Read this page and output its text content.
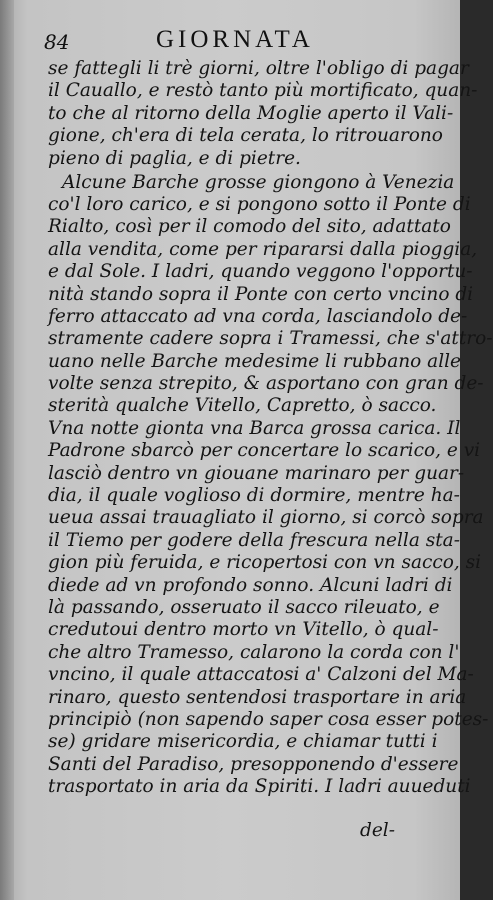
84	GIORNATA
se fattegli li trè giorni, oltre l'obligo di pagar
il Cauallo, e restò tanto più mortificato, quan-
to che al ritorno della Moglie aperto il Vali-
gione, ch'era di tela cerata, lo ritrouarono
pieno di paglia, e di pietre.
Alcune Barche grosse giongono à Venezia
co'l loro carico, e si pongono sotto il Ponte di
Rialto, così per il comodo del sito, adattato
alla vendita, come per ripararsi dalla pioggia,
e dal Sole. I ladri, quando veggono l'opportu-
nità stando sopra il Ponte con certo vncino di
ferro attaccato ad vna corda, lasciandolo de-
stramente cadere sopra i Tramessi, che s'attro-
uano nelle Barche medesime li rubbano alle
volte senza strepito, & asportano con gran de-
sterità qualche Vitello, Capretto, ò sacco.
Vna notte gionta vna Barca grossa carica. Il
Padrone sbarcò per concertare lo scarico, e vi
lasciò dentro vn giouane marinaro per guar-
dia, il quale voglioso di dormire, mentre ha-
ueua assai trauagliato il giorno, si corcò sopra
il Tiemo per godere della frescura nella sta-
gion più feruida, e ricopertosi con vn sacco, si
diede ad vn profondo sonno. Alcuni ladri di
là passando, osseruato il sacco rileuato, e
credutoui dentro morto vn Vitello, ò qual-
che altro Tramesso, calarono la corda con l'
vncino, il quale attaccatosi a' Calzoni del Ma-
rinaro, questo sentendosi trasportare in aria
principiò (non sapendo saper cosa esser potes-
se) gridare misericordia, e chiamar tutti i
Santi del Paradiso, presopponendo d'essere
trasportato in aria da Spiriti. I ladri auueduti
del-
